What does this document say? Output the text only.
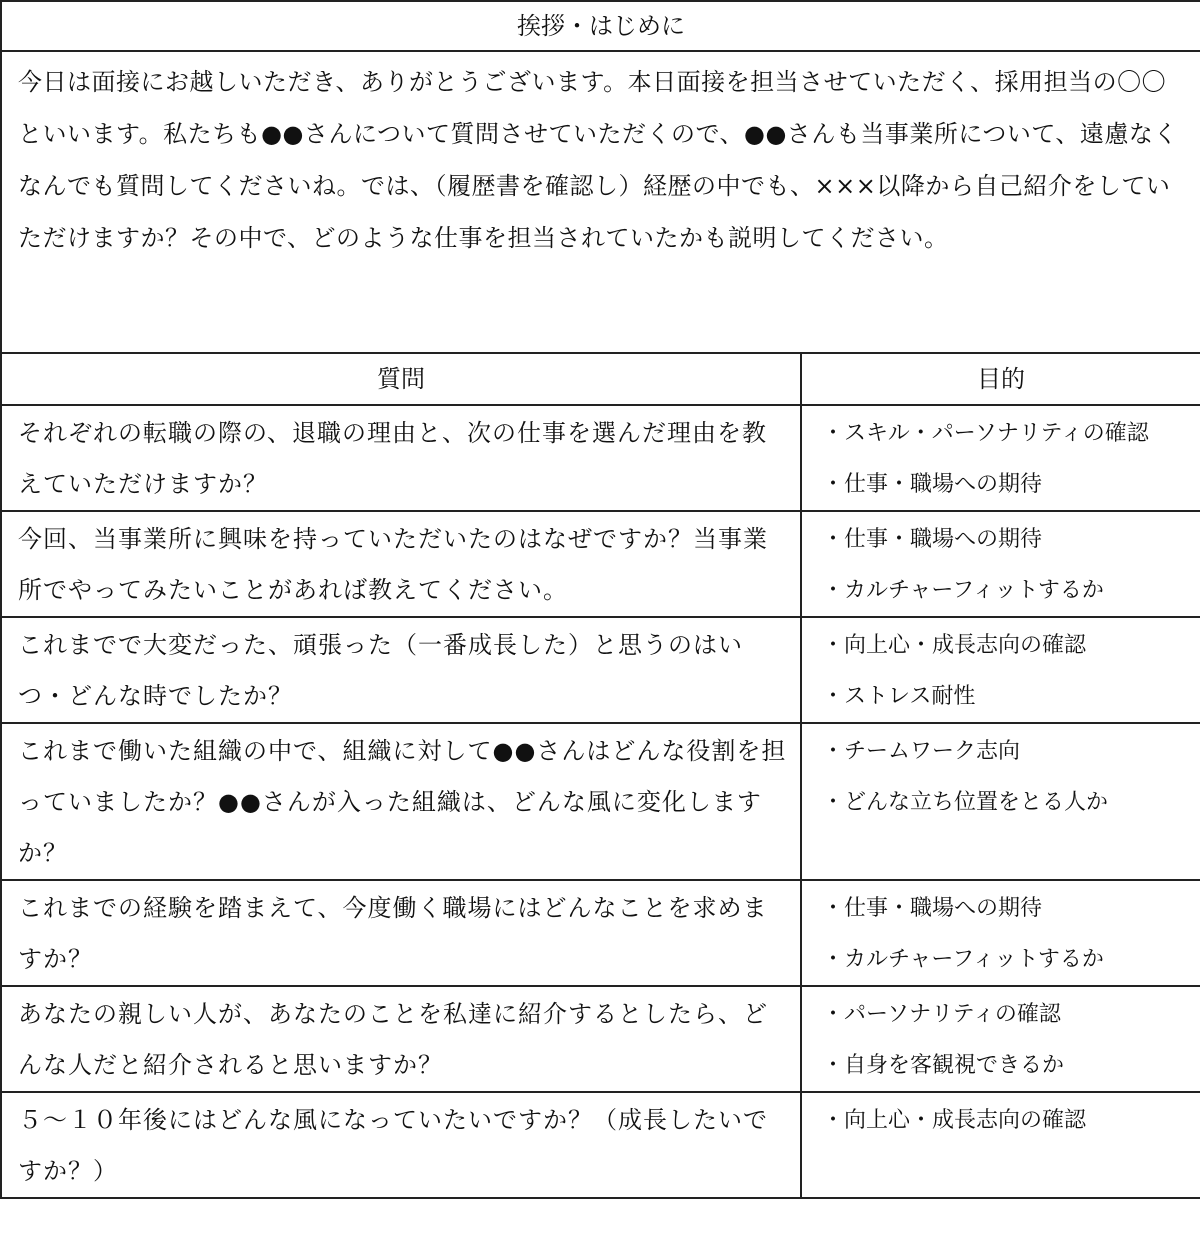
挨拶・はじめに	
今日は面接にお越しいただき、ありがとうございます。本日面接を担当させていただく、採用担当の〇〇といいます。私たちも●●さんについて質問させていただくので、●●さんも当事業所について、遠慮なくなんでも質問してくださいね。では、（履歴書を確認し）経歴の中でも、×××以降から自己紹介をしていただけますか？その中で、どのような仕事を担当されていたかも説明してください。	
質問	目的
それぞれの転職の際の、退職の理由と、次の仕事を選んだ理由を教えていただけますか？	・スキル・パーソナリティの確認
・仕事・職場への期待

今回、当事業所に興味を持っていただいたのはなぜですか？当事業所でやってみたいことがあれば教えてください。	・仕事・職場への期待
・カルチャーフィットするか

これまでで大変だった、頑張った（一番成長した）と思うのはいつ・どんな時でしたか？	・向上心・成長志向の確認
・ストレス耐性

これまで働いた組織の中で、組織に対して●●さんはどんな役割を担っていましたか？●●さんが入った組織は、どんな風に変化しますか？	・チームワーク志向
・どんな立ち位置をとる人か

これまでの経験を踏まえて、今度働く職場にはどんなことを求めますか？	・仕事・職場への期待
・カルチャーフィットするか

あなたの親しい人が、あなたのことを私達に紹介するとしたら、どんな人だと紹介されると思いますか？	・パーソナリティの確認
・自身を客観視できるか

５～１０年後にはどんな風になっていたいですか？（成長したいですか？）	・向上心・成長志向の確認
